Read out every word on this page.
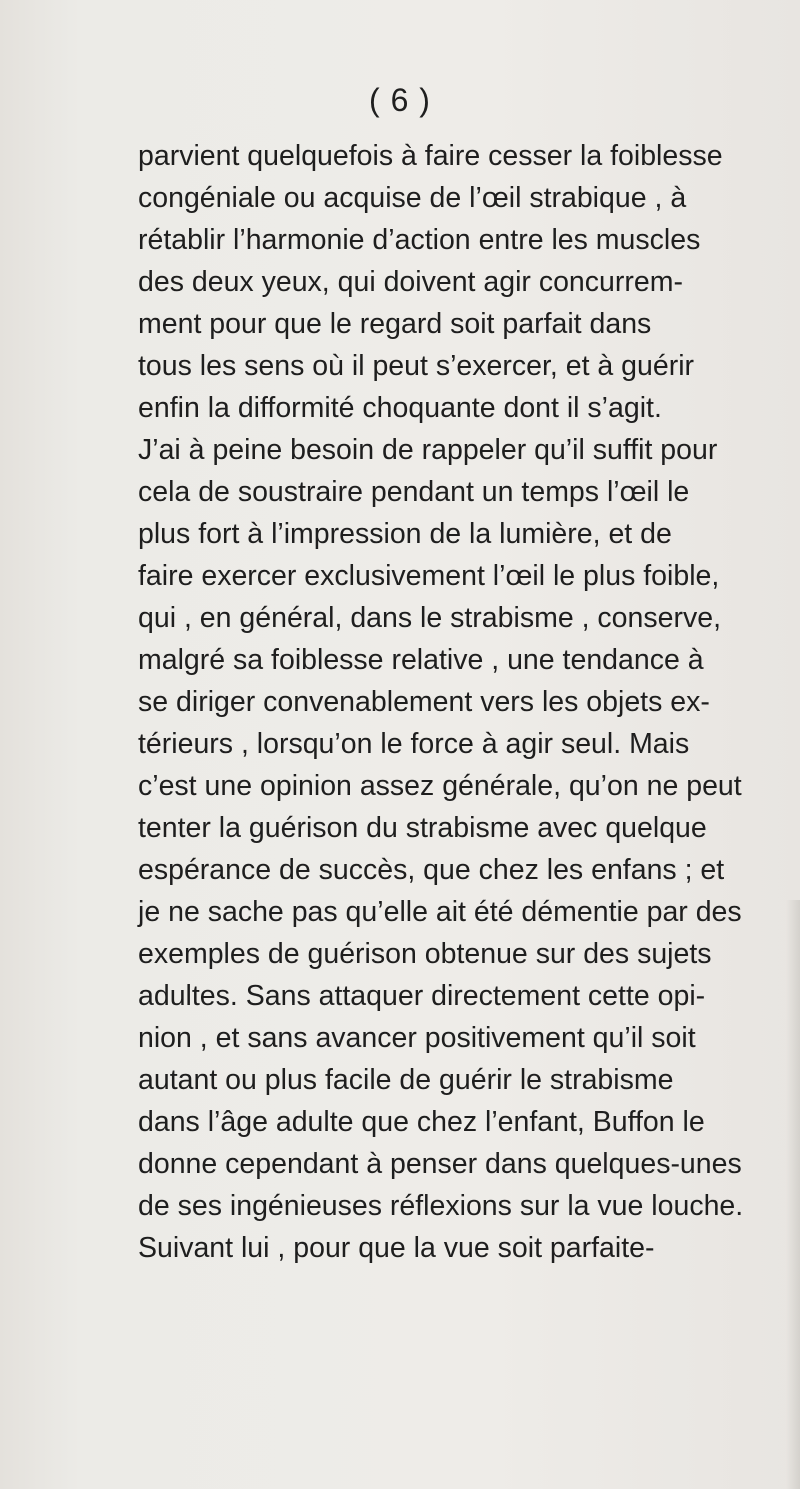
( 6 )
parvient quelquefois à faire cesser la foiblesse
congéniale ou acquise de l’œil strabique , à
rétablir l’harmonie d’action entre les muscles
des deux yeux, qui doivent agir concurrem-
ment pour que le regard soit parfait dans
tous les sens où il peut s’exercer, et à guérir
enfin la difformité choquante dont il s’agit.
J’ai à peine besoin de rappeler qu’il suffit pour
cela de soustraire pendant un temps l’œil le
plus fort à l’impression de la lumière, et de
faire exercer exclusivement l’œil le plus foible,
qui , en général, dans le strabisme , conserve,
malgré sa foiblesse relative , une tendance à
se diriger convenablement vers les objets ex-
térieurs , lorsqu’on le force à agir seul. Mais
c’est une opinion assez générale, qu’on ne peut
tenter la guérison du strabisme avec quelque
espérance de succès, que chez les enfans ; et
je ne sache pas qu’elle ait été démentie par des
exemples de guérison obtenue sur des sujets
adultes. Sans attaquer directement cette opi-
nion , et sans avancer positivement qu’il soit
autant ou plus facile de guérir le strabisme
dans l’âge adulte que chez l’enfant, Buffon le
donne cependant à penser dans quelques-unes
de ses ingénieuses réflexions sur la vue louche.
Suivant lui , pour que la vue soit parfaite-
